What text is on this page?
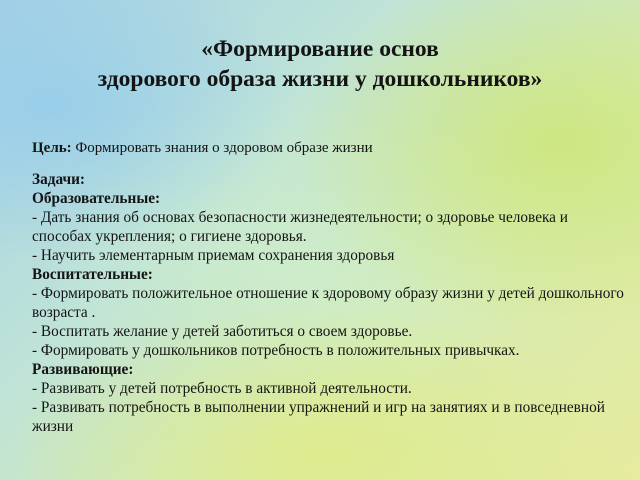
«Формирование основ
здорового образа жизни у дошкольников»
Цель: Формировать знания о здоровом образе жизни
Задачи:
Образовательные:
- Дать знания об основах безопасности жизнедеятельности; о здоровье человека и способах укрепления; о гигиене здоровья.
- Научить элементарным приемам сохранения здоровья
Воспитательные:
- Формировать положительное отношение к здоровому образу жизни у детей дошкольного возраста .
- Воспитать желание у детей заботиться о своем здоровье.
- Формировать у дошкольников потребность в положительных привычках.
Развивающие:
- Развивать у детей потребность в активной деятельности.
- Развивать потребность в выполнении упражнений и игр на занятиях и в повседневной жизни
